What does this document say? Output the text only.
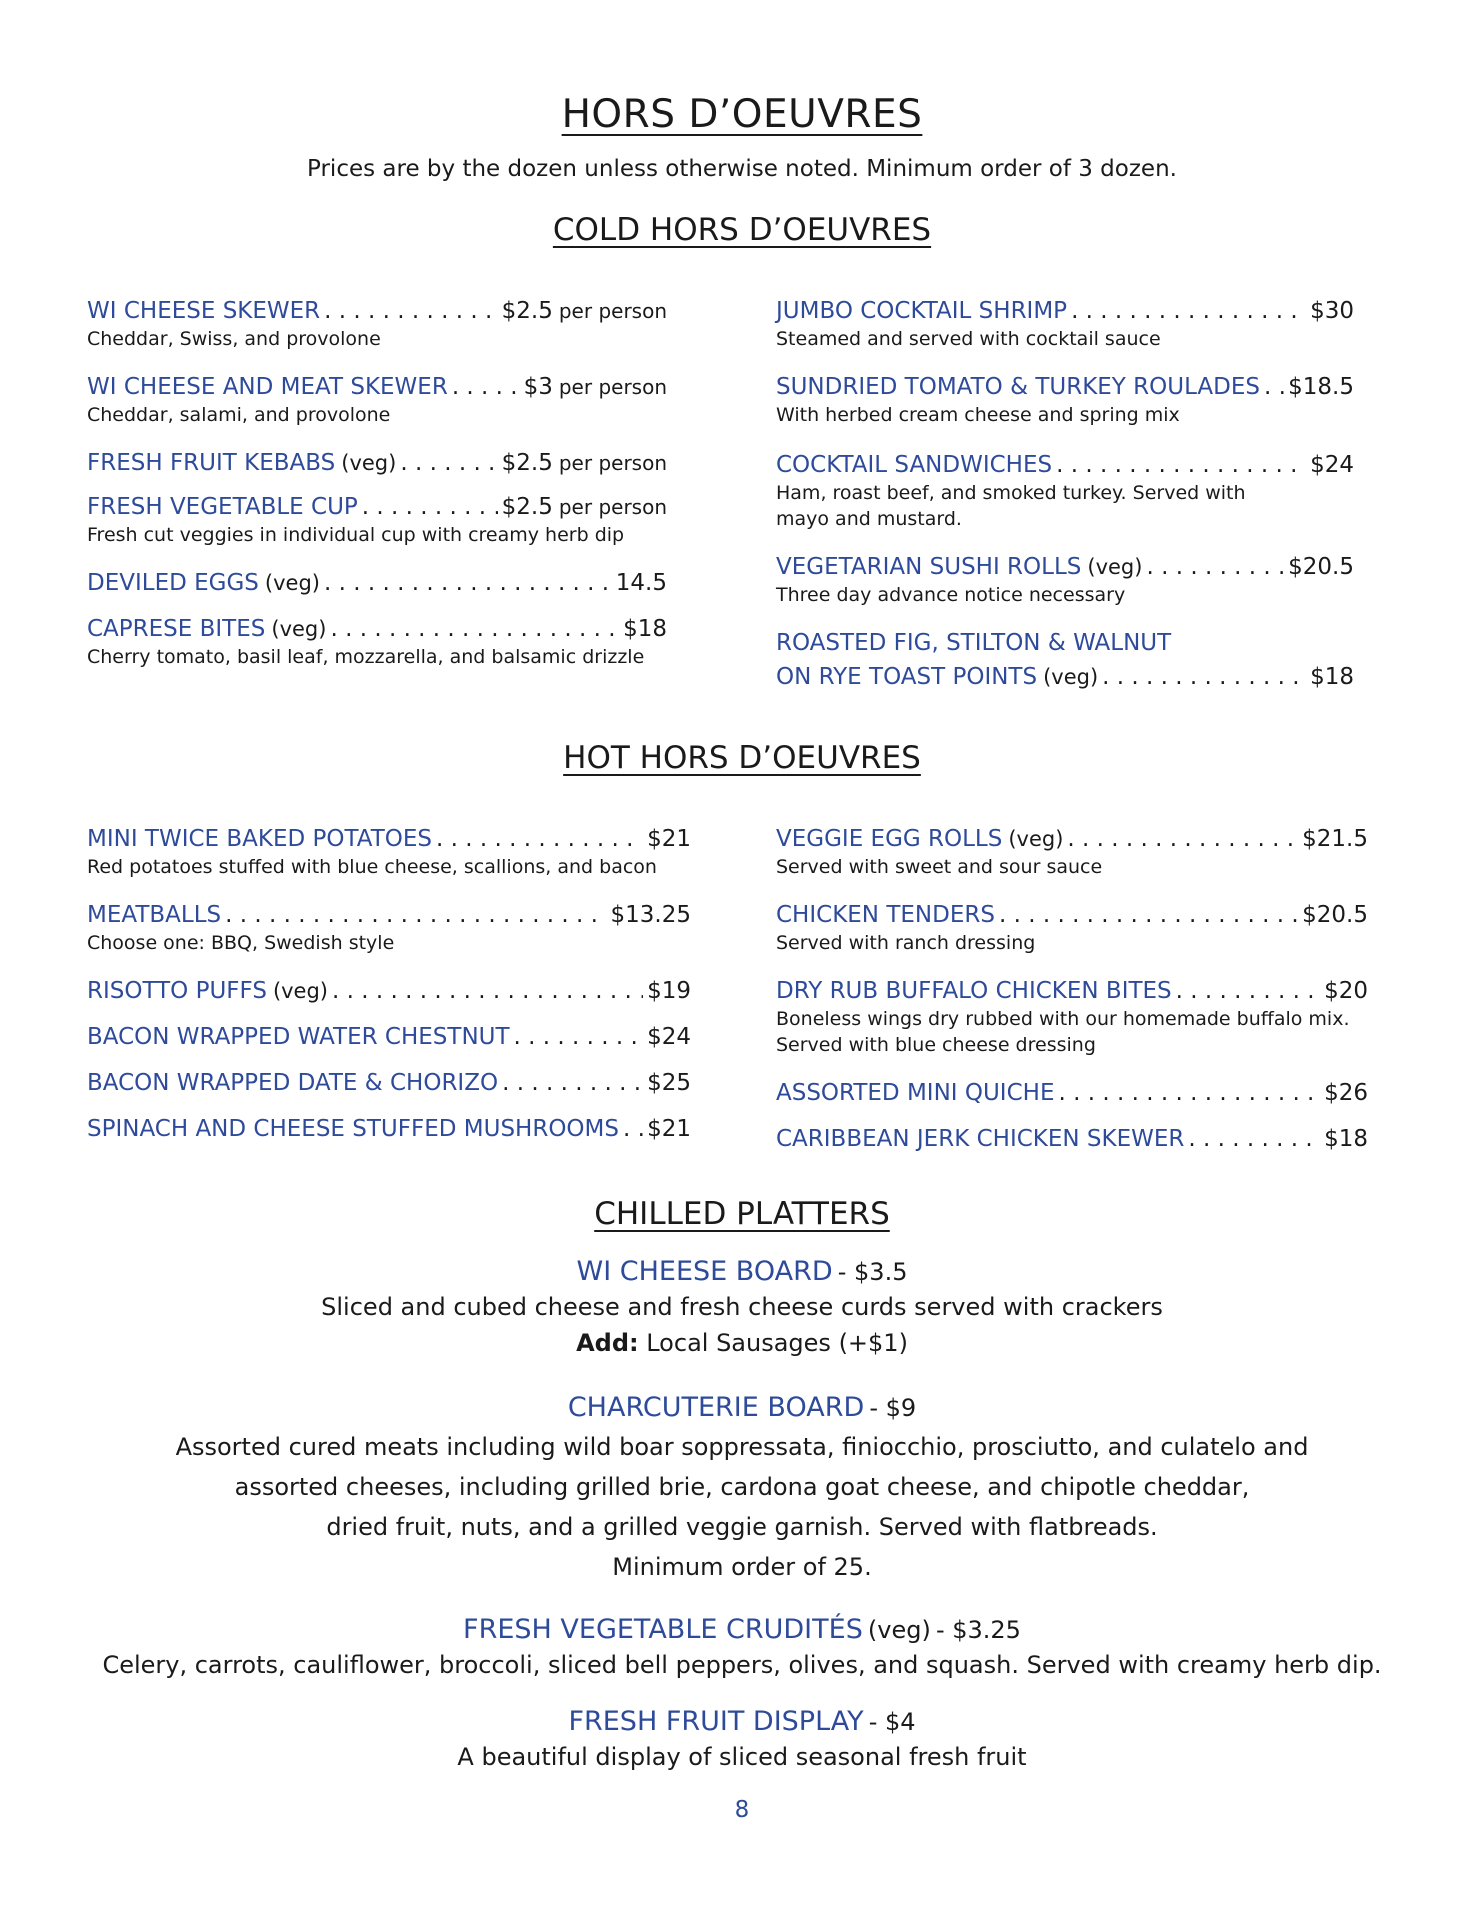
HORS D’OEUVRES
Prices are by the dozen unless otherwise noted. Minimum order of 3 dozen.
COLD HORS D’OEUVRES
WI CHEESE SKEWER . . .	$2.5 per person
Cheddar, Swiss, and provolone
WI CHEESE AND MEAT SKEWER . . .	$3 per person
Cheddar, salami, and provolone
FRESH FRUIT KEBABS (veg) . . .	$2.5 per person
FRESH VEGETABLE CUP . . .	$2.5 per person
Fresh cut veggies in individual cup with creamy herb dip
DEVILED EGGS (veg) . . .	14.5
CAPRESE BITES (veg) . . .	$18
Cherry tomato, basil leaf, mozzarella, and balsamic drizzle
JUMBO COCKTAIL SHRIMP . . .	$30
Steamed and served with cocktail sauce
SUNDRIED TOMATO & TURKEY ROULADES . . . $18.5
With herbed cream cheese and spring mix
COCKTAIL SANDWICHES . . .	$24
Ham, roast beef, and smoked turkey. Served with mayo and mustard.
VEGETARIAN SUSHI ROLLS (veg) . . .	$20.5
Three day advance notice necessary
ROASTED FIG, STILTON & WALNUT
ON RYE TOAST POINTS (veg) . . .	$18
HOT HORS D’OEUVRES
MINI TWICE BAKED POTATOES . . .	$21
Red potatoes stuffed with blue cheese, scallions, and bacon
MEATBALLS . . .	$13.25
Choose one: BBQ, Swedish style
RISOTTO PUFFS (veg) . . .	$19
BACON WRAPPED WATER CHESTNUT . . .	$24
BACON WRAPPED DATE & CHORIZO . . .	$25
SPINACH AND CHEESE STUFFED MUSHROOMS . . . $21
VEGGIE EGG ROLLS (veg) . . .	$21.5
Served with sweet and sour sauce
CHICKEN TENDERS . . .	$20.5
Served with ranch dressing
DRY RUB BUFFALO CHICKEN BITES . . .	$20
Boneless wings dry rubbed with our homemade buffalo mix. Served with blue cheese dressing
ASSORTED MINI QUICHE . . .	$26
CARIBBEAN JERK CHICKEN SKEWER . . .	$18
CHILLED PLATTERS
WI CHEESE BOARD - $3.5
Sliced and cubed cheese and fresh cheese curds served with crackers
Add: Local Sausages (+$1)
CHARCUTERIE BOARD - $9
Assorted cured meats including wild boar soppressata, finiocchio, prosciutto, and culatelo and
assorted cheeses, including grilled brie, cardona goat cheese, and chipotle cheddar,
dried fruit, nuts, and a grilled veggie garnish. Served with flatbreads.
Minimum order of 25.
FRESH VEGETABLE CRUDITÉS (veg) - $3.25
Celery, carrots, cauliflower, broccoli, sliced bell peppers, olives, and squash. Served with creamy herb dip.
FRESH FRUIT DISPLAY - $4
A beautiful display of sliced seasonal fresh fruit
8
